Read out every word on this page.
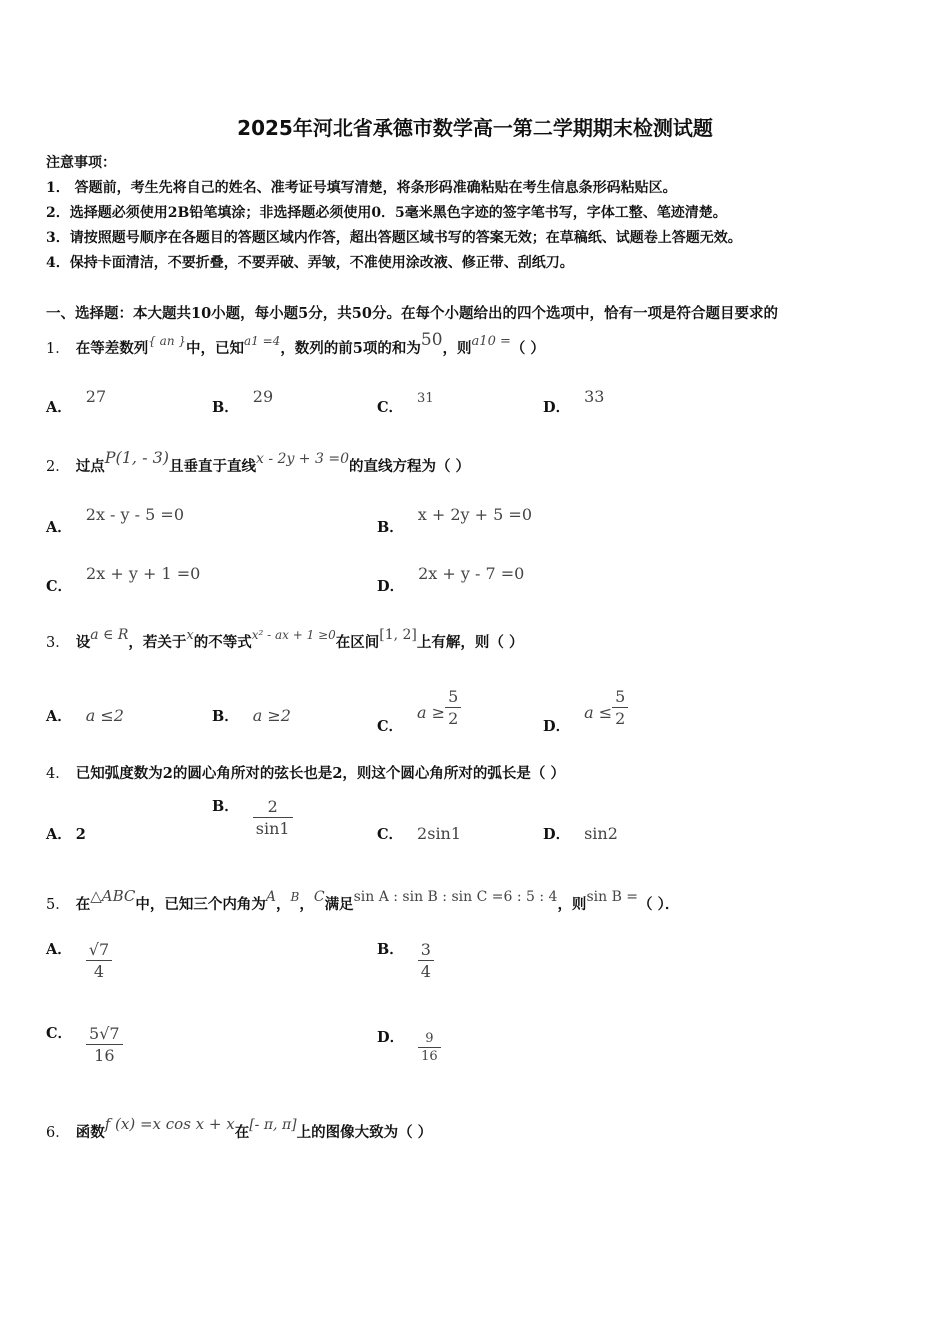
2025年河北省承德市数学高一第二学期期末检测试题
注意事项：
1． 答题前，考生先将自己的姓名、准考证号填写清楚，将条形码准确粘贴在考生信息条形码粘贴区。
2．选择题必须使用2B铅笔填涂；非选择题必须使用0．5毫米黑色字迹的签字笔书写，字体工整、笔迹清楚。
3．请按照题号顺序在各题目的答题区域内作答，超出答题区域书写的答案无效；在草稿纸、试题卷上答题无效。
4．保持卡面清洁，不要折叠，不要弄破、弄皱，不准使用涂改液、修正带、刮纸刀。
一、选择题：本大题共10小题，每小题5分，共50分。在每个小题给出的四个选项中，恰有一项是符合题目要求的
1． 在等差数列$^{\{ an \}}$中，已知$^{a1 =4}$，数列的前5项的和为50，则a10 =（ ）
A．27
B．29
C．31
D．33
2． 过点P(1, - 3)且垂直于直线x - 2y + 3 =0的直线方程为（ ）
A．2x - y - 5 =0
B．x + 2y + 5 =0
C．2x + y + 1 =0
D．2x + y - 7 =0
3． 设a ∈ R，若关于x的不等式$^{x^2 - ax + 1 \ge 0}$在区间[1, 2]上有解，则（ ）
A． a ≤2	B． a ≥2
C．$a \ge \frac{5}{2}$	D．$a \le \frac{5}{2}$
4． 已知弧度数为2的圆心角所对的弦长也是2，则这个圆心角所对的弧长是（ ）
A． 2
B． $\frac{2}{\sin 1}$	C． 2sin1	D． sin2
5． 在△ABC中，已知三个内角为A，$^B$，C满足sin A : sin B : sin C =6 : 5 : 4，则sin B =（ ）．
A． $\frac{√7}{4}$	B． $\frac{3}{4}$
C． $\frac{5√7}{16}$	D． $\frac{9}{16}$
6． 函数f (x) =x cos x + x在[- π, π]上的图像大致为（ ）
